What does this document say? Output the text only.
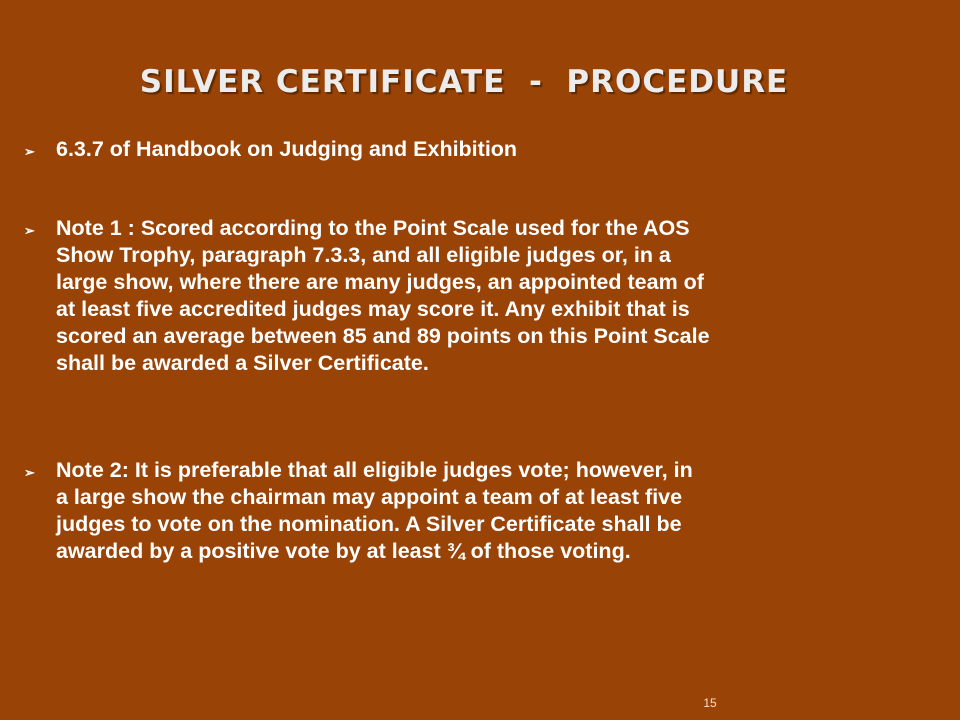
SILVER CERTIFICATE  -  PROCEDURE
➢ 6.3.7 of Handbook on Judging and Exhibition
➢ Note 1 : Scored according to the Point Scale used for the AOS
Show Trophy, paragraph 7.3.3, and all eligible judges or, in a
large show, where there are many judges, an appointed team of
at least five accredited judges may score it. Any exhibit that is
scored an average between 85 and 89 points on this Point Scale
shall be awarded a Silver Certificate.
➢ Note 2: It is preferable that all eligible judges vote; however, in
a large show the chairman may appoint a team of at least five
judges to vote on the nomination. A Silver Certificate shall be
awarded by a positive vote by at least ¾ of those voting.
15
